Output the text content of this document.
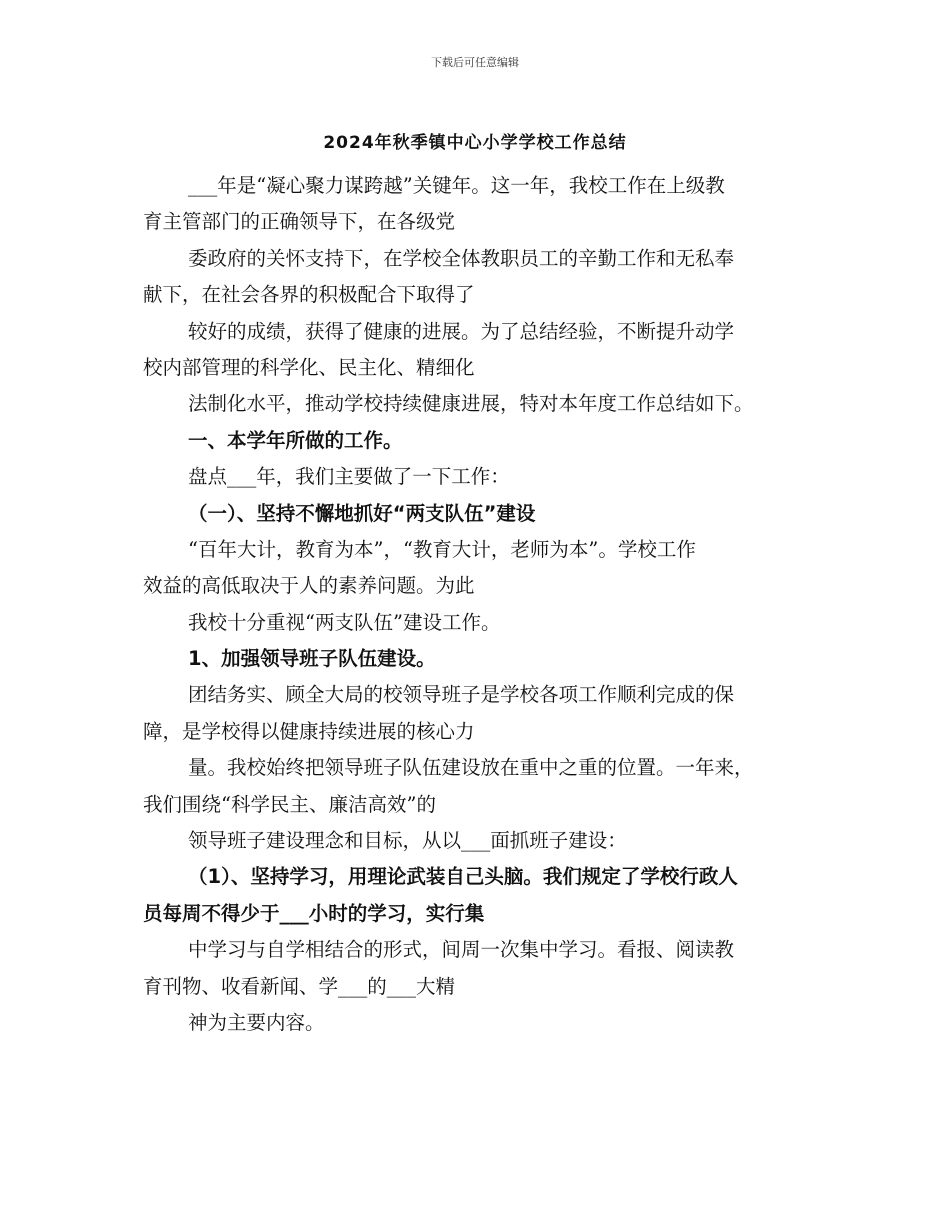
下载后可任意编辑
2024年秋季镇中心小学学校工作总结
___年是“凝心聚力谋跨越”关键年。这一年，我校工作在上级教
育主管部门的正确领导下，在各级党
委政府的关怀支持下，在学校全体教职员工的辛勤工作和无私奉
献下，在社会各界的积极配合下取得了
较好的成绩，获得了健康的进展。为了总结经验，不断提升动学
校内部管理的科学化、民主化、精细化
法制化水平，推动学校持续健康进展，特对本年度工作总结如下。
一、本学年所做的工作。
盘点___年，我们主要做了一下工作：
（一）、坚持不懈地抓好“两支队伍”建设
“百年大计，教育为本”，“教育大计，老师为本”。学校工作
效益的高低取决于人的素养问题。为此
我校十分重视“两支队伍”建设工作。
1、加强领导班子队伍建设。
团结务实、顾全大局的校领导班子是学校各项工作顺利完成的保
障，是学校得以健康持续进展的核心力
量。我校始终把领导班子队伍建设放在重中之重的位置。一年来，
我们围绕“科学民主、廉洁高效”的
领导班子建设理念和目标，从以___面抓班子建设：
（1）、坚持学习，用理论武装自己头脑。我们规定了学校行政人
员每周不得少于___小时的学习，实行集
中学习与自学相结合的形式，间周一次集中学习。看报、阅读教
育刊物、收看新闻、学___的___大精
神为主要内容。
